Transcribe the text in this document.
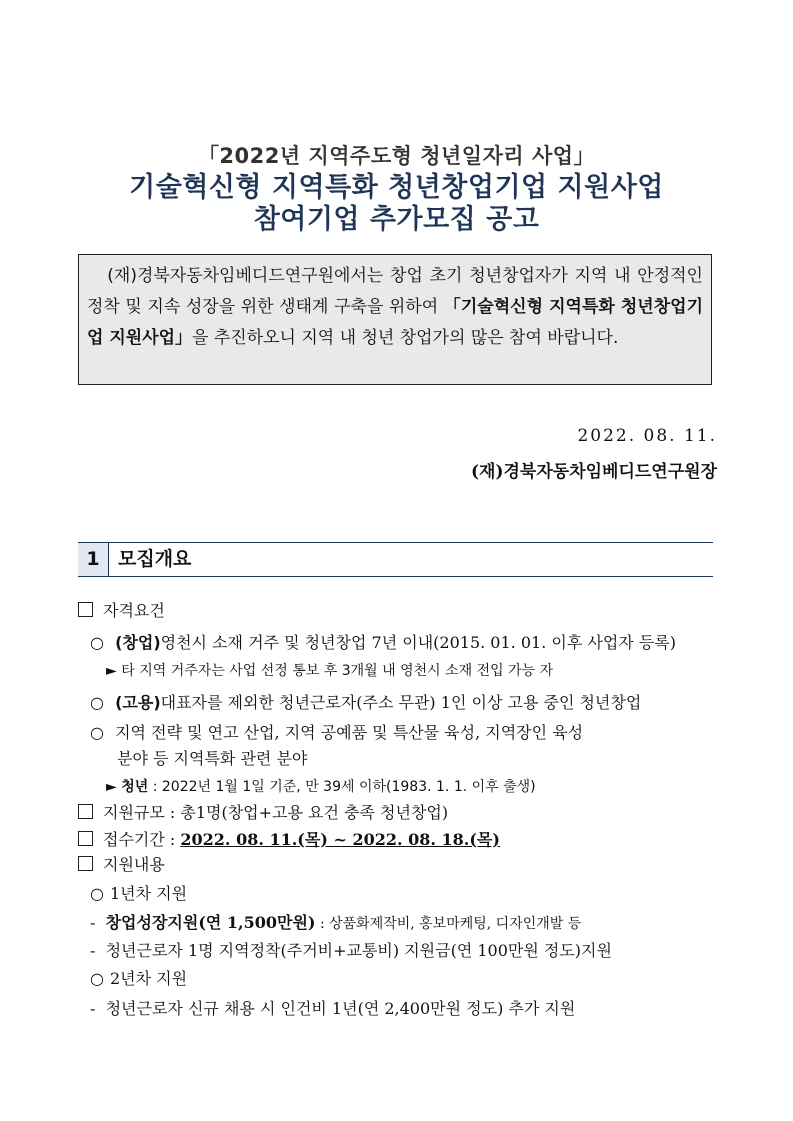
「2022년 지역주도형 청년일자리 사업」
기술혁신형 지역특화 청년창업기업 지원사업
참여기업 추가모집 공고
(재)경북자동차임베디드연구원에서는 창업 초기 청년창업자가 지역 내 안정적인 정착 및 지속 성장을 위한 생태계 구축을 위하여 「기술혁신형 지역특화 청년창업기업 지원사업」을 추진하오니 지역 내 청년 창업가의 많은 참여 바랍니다.
2022. 08. 11.
(재)경북자동차임베디드연구원장
1 모집개요
자격요건
○ (창업)영천시 소재 거주 및 청년창업 7년 이내(2015. 01. 01. 이후 사업자 등록)
► 타 지역 거주자는 사업 선정 통보 후 3개월 내 영천시 소재 전입 가능 자
○ (고용)대표자를 제외한 청년근로자(주소 무관) 1인 이상 고용 중인 청년창업
○ 지역 전략 및 연고 산업, 지역 공예품 및 특산물 육성, 지역장인 육성
분야 등 지역특화 관련 분야
► 청년 : 2022년 1월 1일 기준, 만 39세 이하(1983. 1. 1. 이후 출생)
지원규모 : 총1명(창업+고용 요건 충족 청년창업)
접수기간 : 2022. 08. 11.(목) ~ 2022. 08. 18.(목)
지원내용
○ 1년차 지원
- 창업성장지원(연 1,500만원) : 상품화제작비, 홍보마케팅, 디자인개발 등
- 청년근로자 1명 지역정착(주거비+교통비) 지원금(연 100만원 정도)지원
○ 2년차 지원
- 청년근로자 신규 채용 시 인건비 1년(연 2,400만원 정도) 추가 지원
